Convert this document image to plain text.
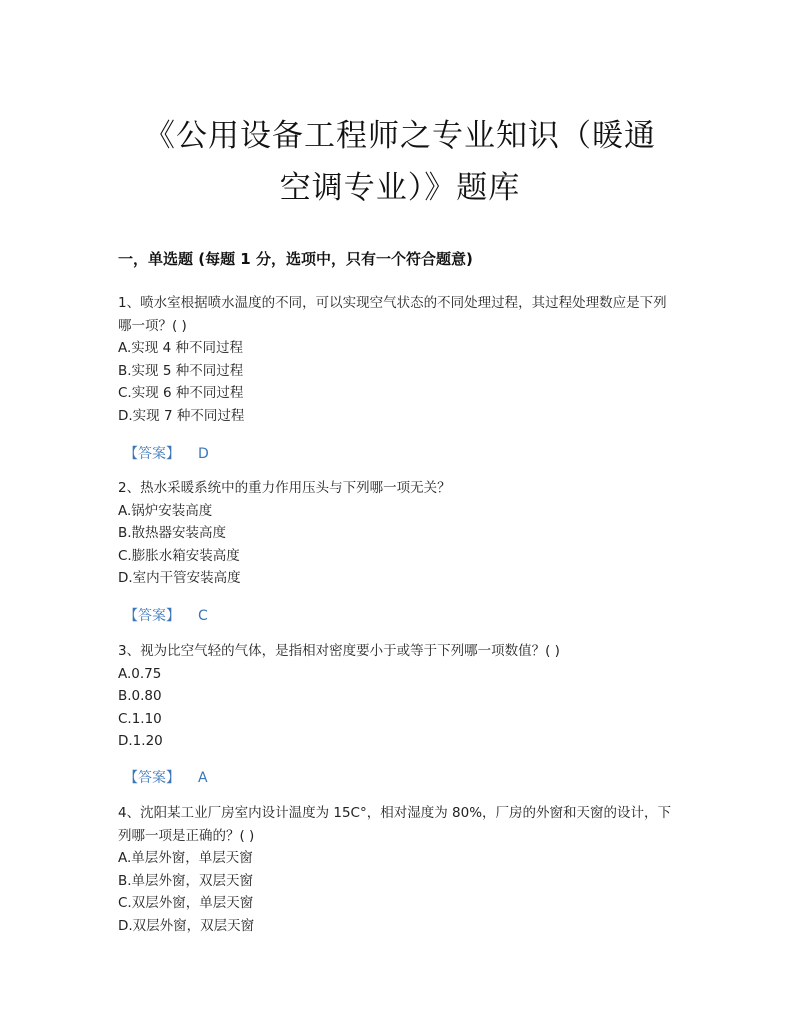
《公用设备工程师之专业知识（暖通
空调专业）》题库
一，单选题 (每题 1 分，选项中，只有一个符合题意)
1、喷水室根据喷水温度的不同，可以实现空气状态的不同处理过程，其过程处理数应是下列哪一项？( )
A.实现 4 种不同过程
B.实现 5 种不同过程
C.实现 6 种不同过程
D.实现 7 种不同过程
【答案】 D
2、热水采暖系统中的重力作用压头与下列哪一项无关？
A.锅炉安装高度
B.散热器安装高度
C.膨胀水箱安装高度
D.室内干管安装高度
【答案】 C
3、视为比空气轻的气体，是指相对密度要小于或等于下列哪一项数值？( )
A.0.75
B.0.80
C.1.10
D.1.20
【答案】 A
4、沈阳某工业厂房室内设计温度为 15C°，相对湿度为 80%，厂房的外窗和天窗的设计，下列哪一项是正确的？( )
A.单层外窗，单层天窗
B.单层外窗，双层天窗
C.双层外窗，单层天窗
D.双层外窗，双层天窗
